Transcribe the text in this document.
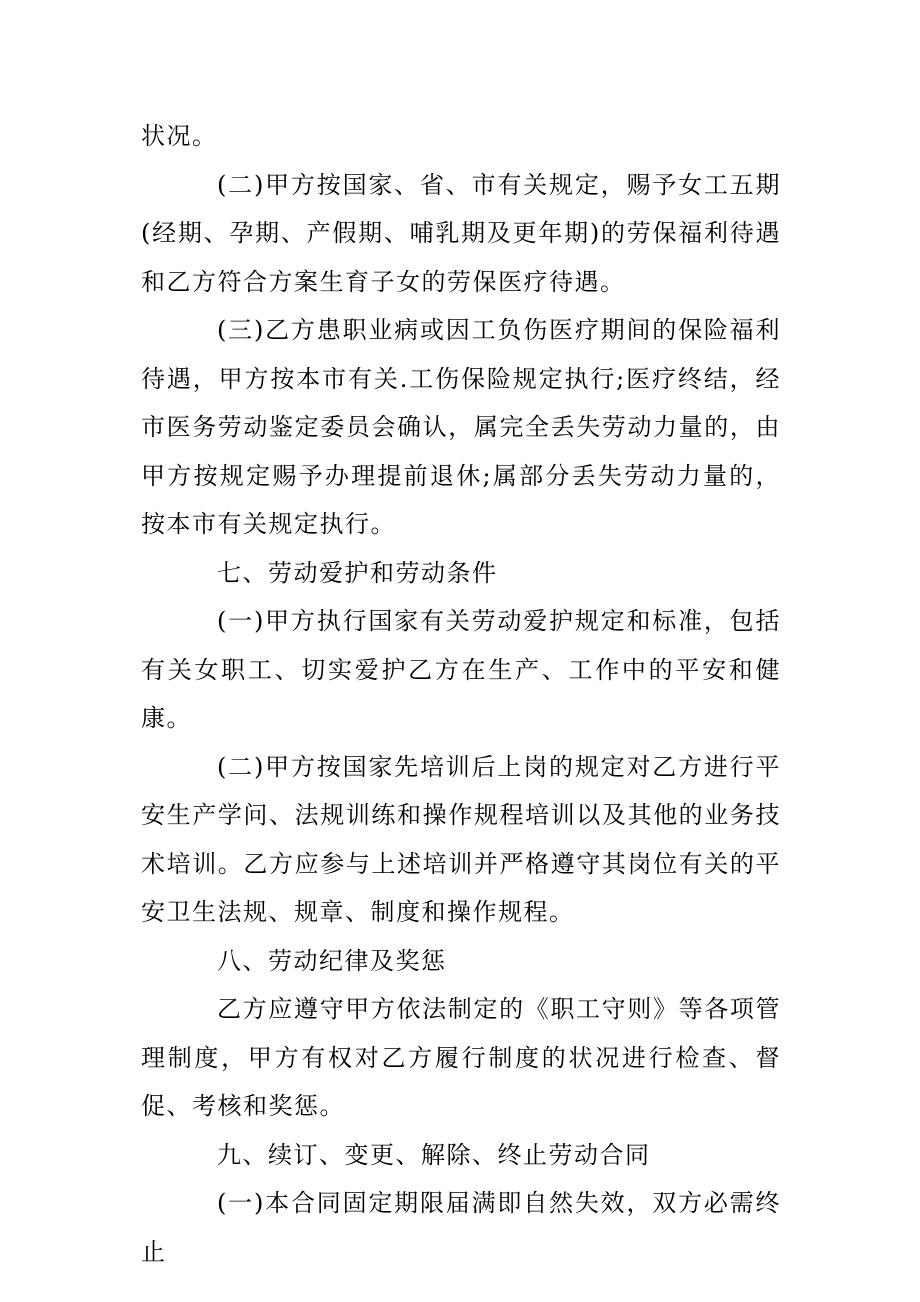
状况。

(二)甲方按国家、省、市有关规定，赐予女工五期(经期、孕期、产假期、哺乳期及更年期)的劳保福利待遇和乙方符合方案生育子女的劳保医疗待遇。

(三)乙方患职业病或因工负伤医疗期间的保险福利待遇，甲方按本市有关.工伤保险规定执行;医疗终结，经市医务劳动鉴定委员会确认，属完全丢失劳动力量的，由甲方按规定赐予办理提前退休;属部分丢失劳动力量的，按本市有关规定执行。

七、劳动爱护和劳动条件

(一)甲方执行国家有关劳动爱护规定和标准，包括有关女职工、切实爱护乙方在生产、工作中的平安和健康。

(二)甲方按国家先培训后上岗的规定对乙方进行平安生产学问、法规训练和操作规程培训以及其他的业务技术培训。乙方应参与上述培训并严格遵守其岗位有关的平安卫生法规、规章、制度和操作规程。

八、劳动纪律及奖惩

乙方应遵守甲方依法制定的《职工守则》等各项管理制度，甲方有权对乙方履行制度的状况进行检查、督促、考核和奖惩。

九、续订、变更、解除、终止劳动合同

(一)本合同固定期限届满即自然失效，双方必需终止
